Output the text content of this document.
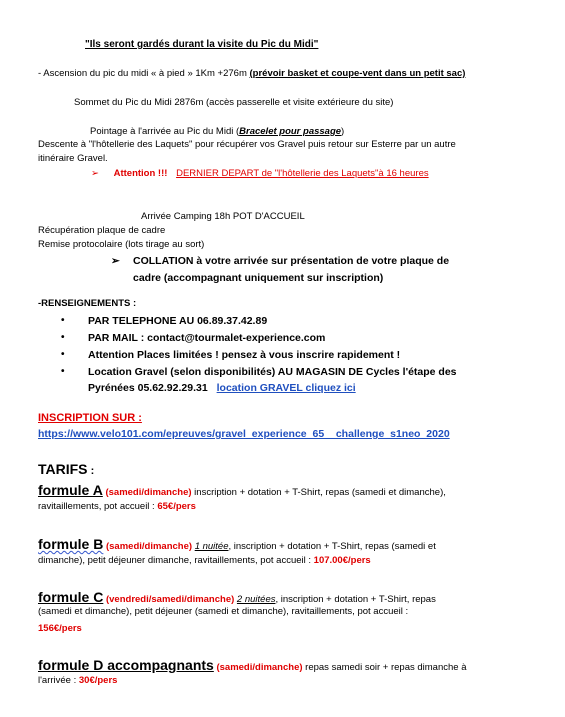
"Ils seront gardés durant la visite du Pic du Midi"
- Ascension du pic du midi « à pied » 1Km +276m (prévoir basket et coupe-vent dans un petit sac)
Sommet du Pic du Midi 2876m (accès passerelle et visite extérieure du site)
Pointage à l'arrivée au Pic du Midi (Bracelet pour passage)
Descente à "l'hôtellerie des Laquets" pour récupérer vos Gravel puis retour sur Esterre par un autre
itinéraire Gravel.
➢ Attention !!! DERNIER DEPART de "l'hôtellerie des Laquets"à 16 heures
Arrivée Camping 18h POT D'ACCUEIL
Récupération plaque de cadre
Remise protocolaire (lots tirage au sort)
➢ COLLATION à votre arrivée sur présentation de votre plaque de
cadre (accompagnant uniquement sur inscription)
-RENSEIGNEMENTS :
• PAR TELEPHONE AU 06.89.37.42.89
• PAR MAIL : contact@tourmalet-experience.com
• Attention Places limitées ! pensez à vous inscrire rapidement !
• Location Gravel (selon disponibilités) AU MAGASIN DE Cycles l'étape des
Pyrénées 05.62.92.29.31 location GRAVEL cliquez ici
INSCRIPTION SUR :
https://www.velo101.com/epreuves/gravel_experience_65__challenge_s1neo_2020
TARIFS :
formule A (samedi/dimanche) inscription + dotation + T-Shirt, repas (samedi et dimanche),
ravitaillements, pot accueil : 65€/pers
formule B (samedi/dimanche) 1 nuitée, inscription + dotation + T-Shirt, repas (samedi et
dimanche), petit déjeuner dimanche, ravitaillements, pot accueil : 107.00€/pers
formule C (vendredi/samedi/dimanche) 2 nuitées, inscription + dotation + T-Shirt, repas
(samedi et dimanche), petit déjeuner (samedi et dimanche), ravitaillements, pot accueil :
156€/pers
formule D accompagnants (samedi/dimanche) repas samedi soir + repas dimanche à
l'arrivée : 30€/pers
